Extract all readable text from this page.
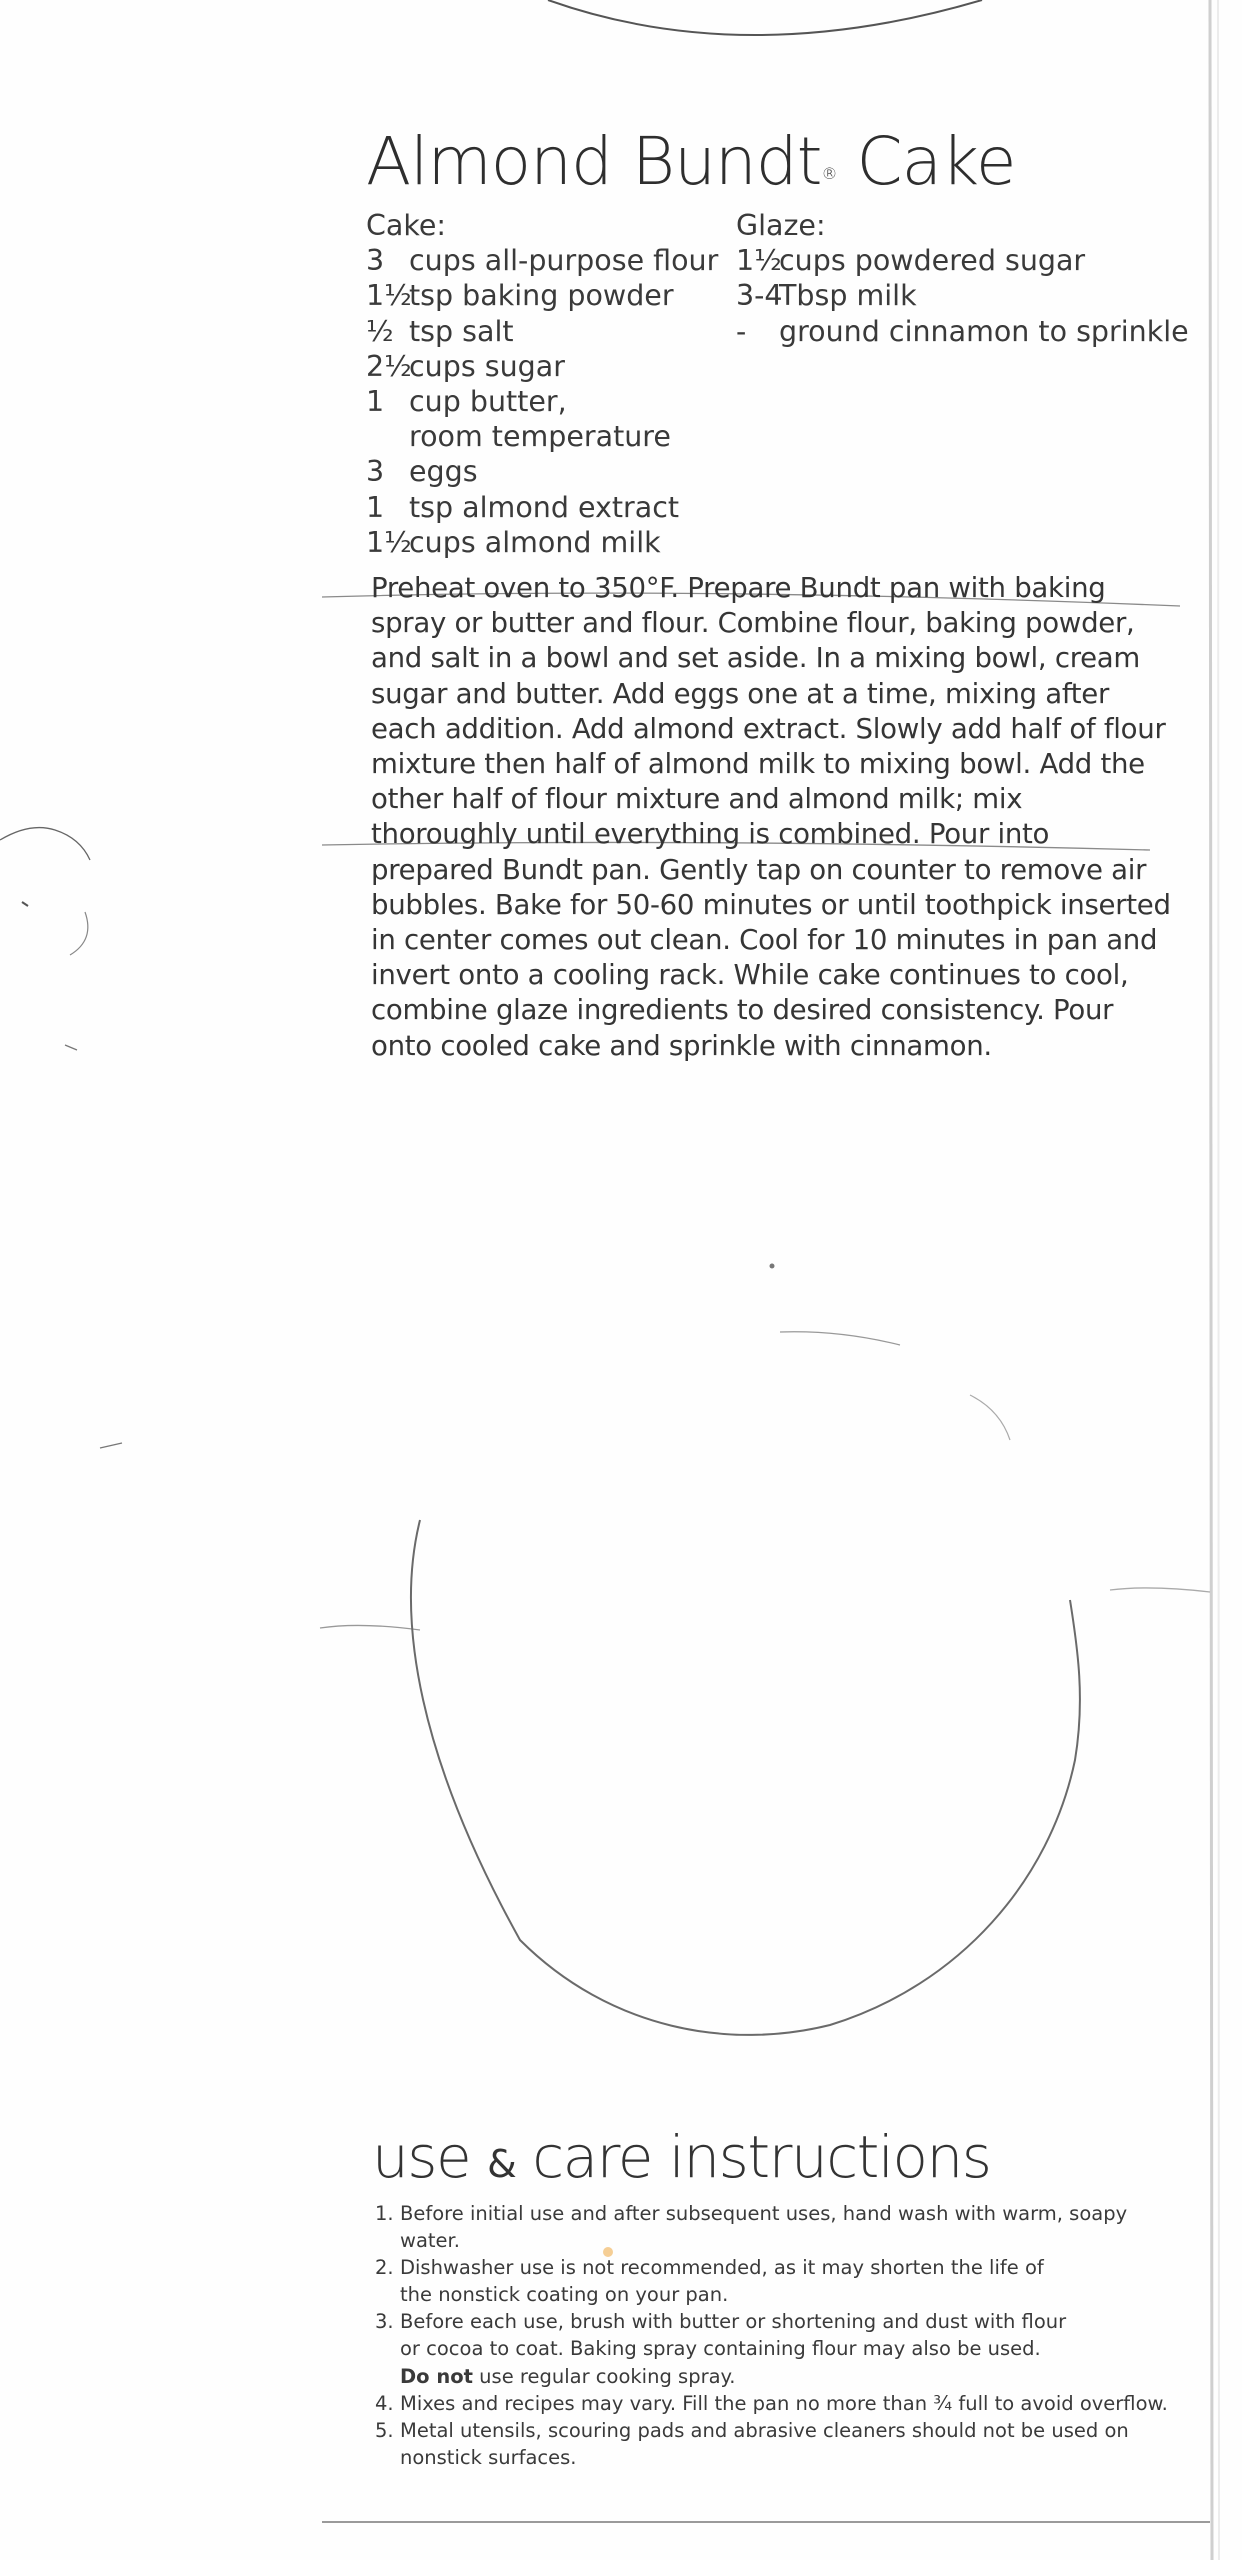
Almond Bundt® Cake
Cake:
3 cups all-purpose flour
1½
tsp baking powder
½ tsp salt
2½
cups sugar
1 cup butter,
room temperature
3 eggs
1 tsp almond extract
1½
cups almond milk
Glaze:
1½
cups powdered sugar
3-4
Tbsp milk
-	ground cinnamon to sprinkle

Preheat oven to 350°F. Prepare Bundt pan with baking spray or butter and flour. Combine flour, baking powder, and salt in a bowl and set aside. In a mixing bowl, cream sugar and butter. Add eggs one at a time, mixing after each addition. Add almond extract. Slowly add half of flour mixture then half of almond milk to mixing bowl. Add the other half of flour mixture and almond milk; mix thoroughly until everything is combined. Pour into prepared Bundt pan. Gently tap on counter to remove air bubbles. Bake for 50-60 minutes or until toothpick inserted in center comes out clean. Cool for 10 minutes in pan and invert onto a cooling rack. While cake continues to cool, combine glaze ingredients to desired consistency. Pour onto cooled cake and sprinkle with cinnamon.

use & care instructions
1. Before initial use and after subsequent uses, hand wash with warm, soapy water.
2. Dishwasher use is not recommended, as it may shorten the life of
the nonstick coating on your pan.
3. Before each use, brush with butter or shortening and dust with flour
or cocoa to coat. Baking spray containing flour may also be used.
Do not use regular cooking spray.
4. Mixes and recipes may vary. Fill the pan no more than ¾ full to avoid overflow.
5. Metal utensils, scouring pads and abrasive cleaners should not be used on
nonstick surfaces.
